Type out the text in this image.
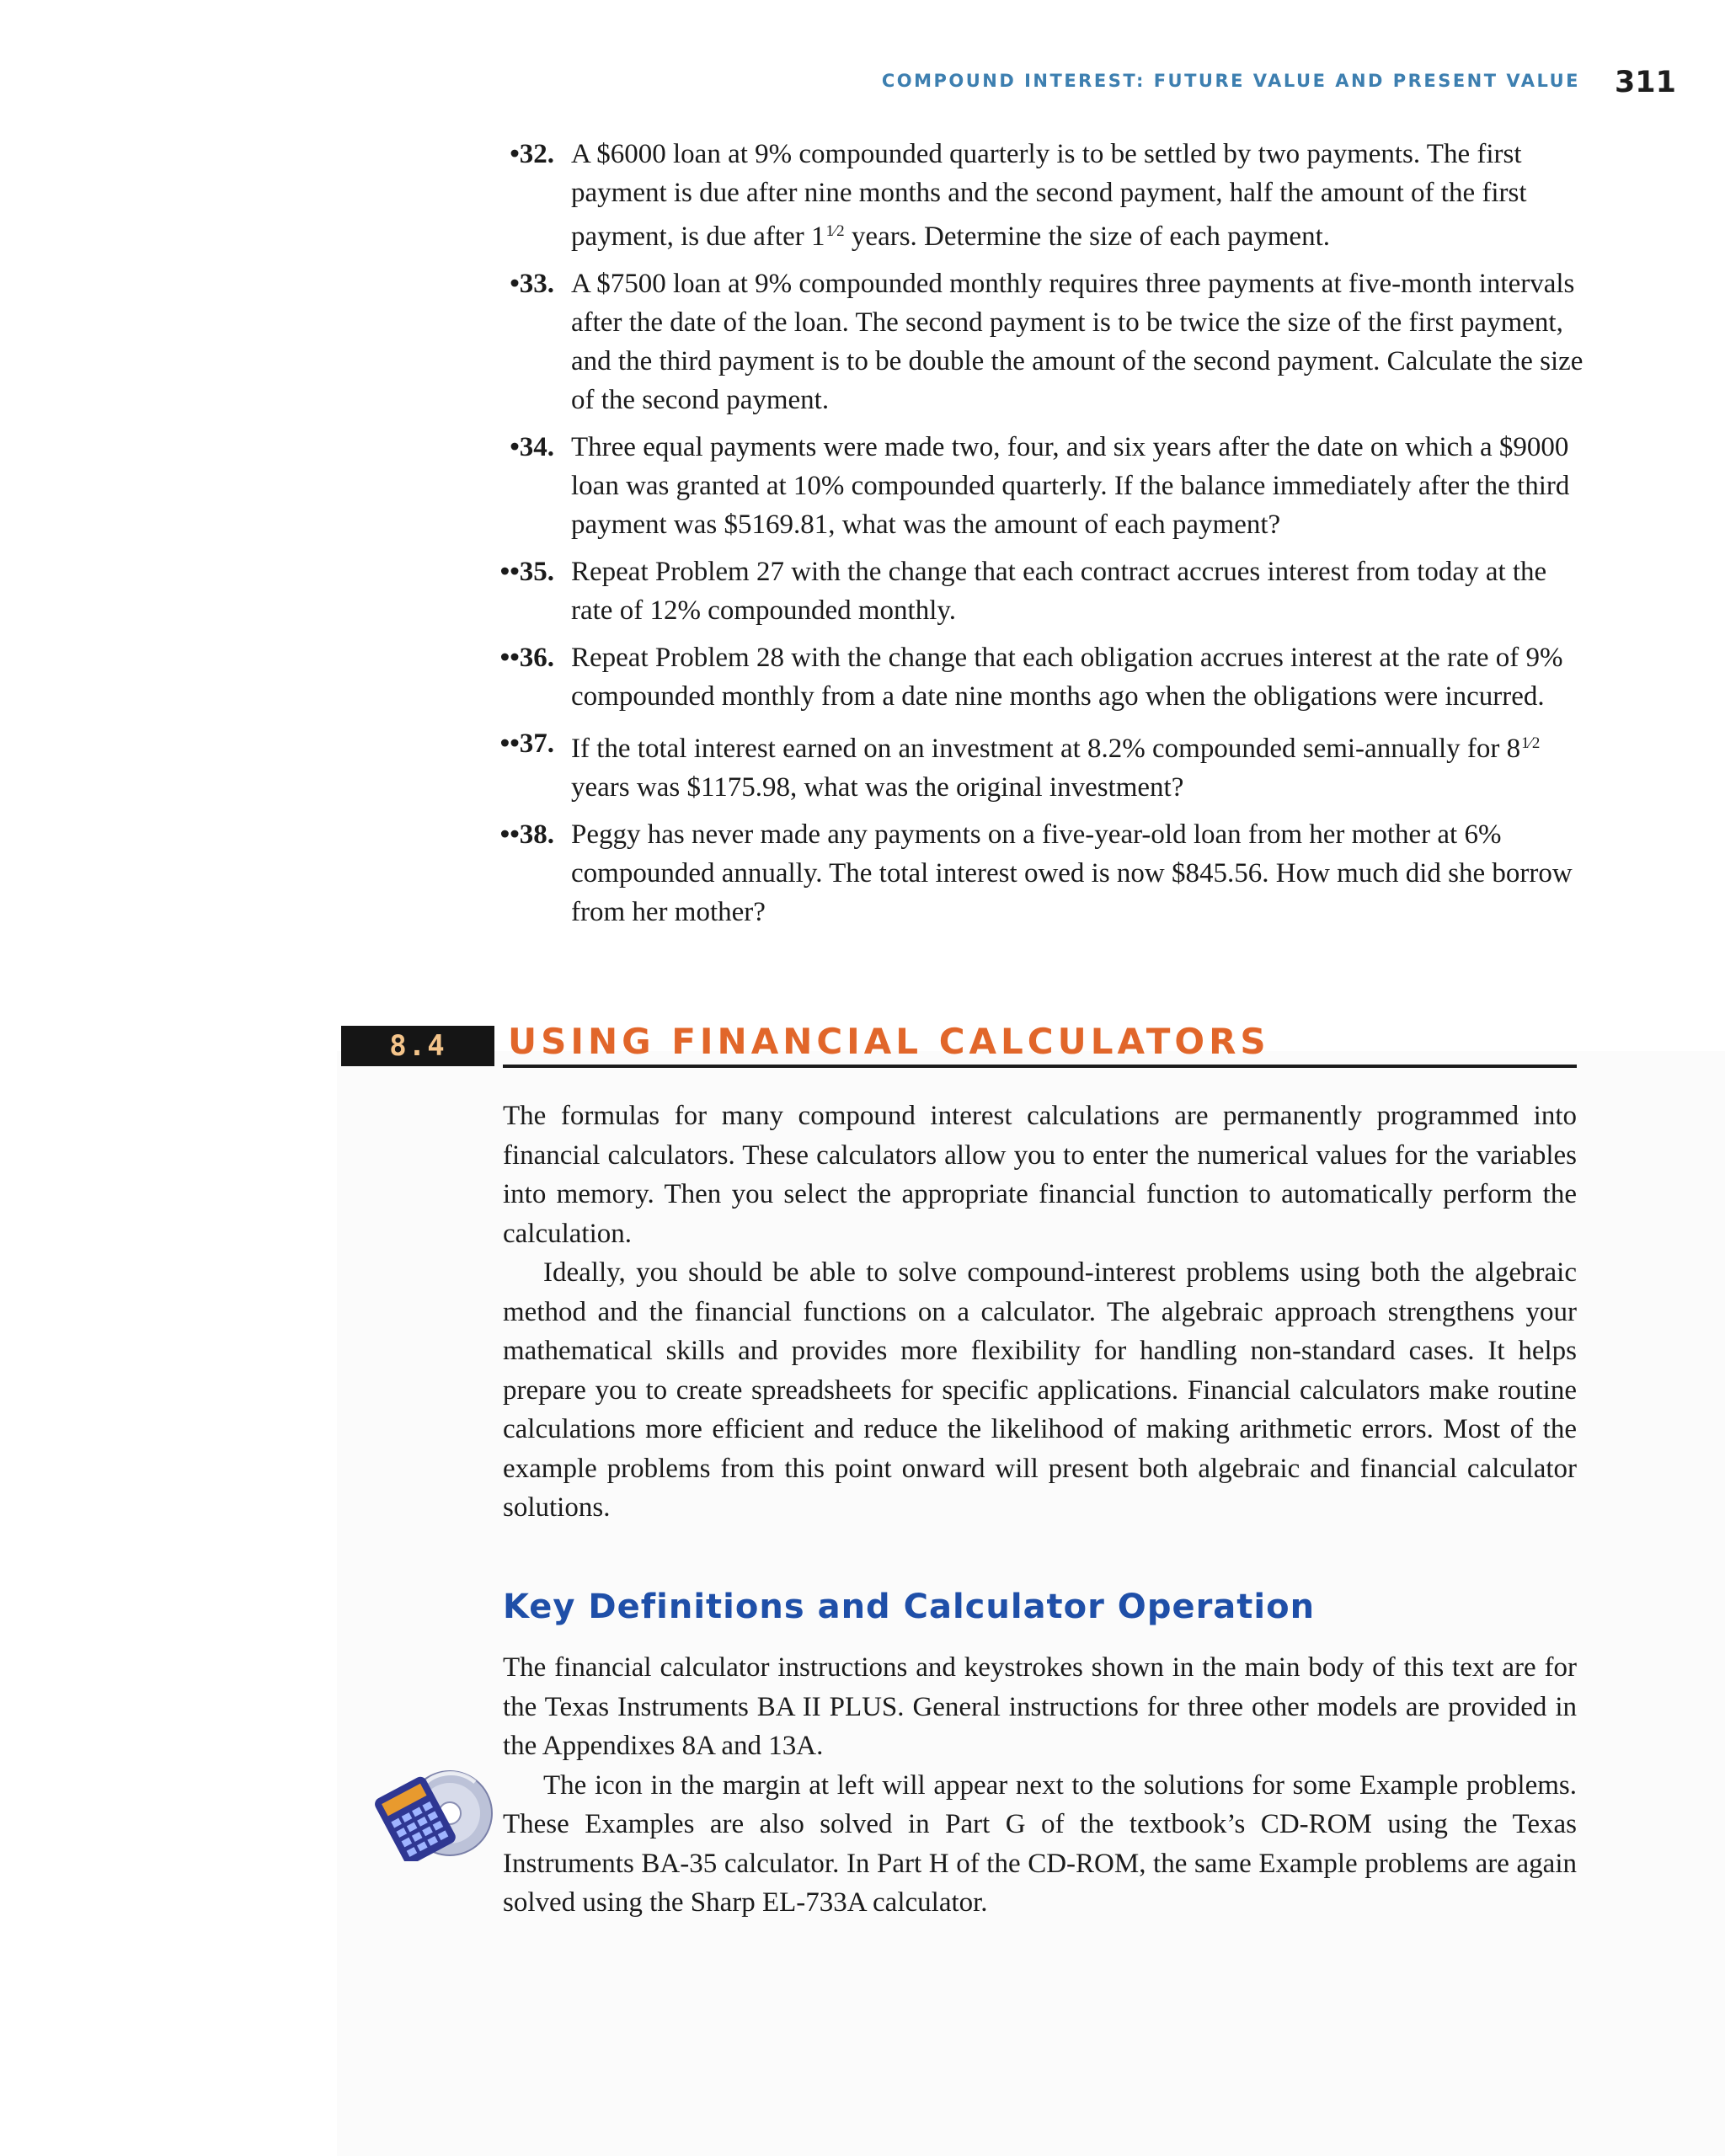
COMPOUND INTEREST: FUTURE VALUE AND PRESENT VALUE 311
•32. A $6000 loan at 9% compounded quarterly is to be settled by two payments. The first payment is due after nine months and the second payment, half the amount of the first payment, is due after 11⁄2 years. Determine the size of each payment.
•33. A $7500 loan at 9% compounded monthly requires three payments at five-month intervals after the date of the loan. The second payment is to be twice the size of the first payment, and the third payment is to be double the amount of the second payment. Calculate the size of the second payment.
•34. Three equal payments were made two, four, and six years after the date on which a $9000 loan was granted at 10% compounded quarterly. If the balance immediately after the third payment was $5169.81, what was the amount of each payment?
••35. Repeat Problem 27 with the change that each contract accrues interest from today at the rate of 12% compounded monthly.
••36. Repeat Problem 28 with the change that each obligation accrues interest at the rate of 9% compounded monthly from a date nine months ago when the obligations were incurred.
••37. If the total interest earned on an investment at 8.2% compounded semi-annually for 81⁄2 years was $1175.98, what was the original investment?
••38. Peggy has never made any payments on a five-year-old loan from her mother at 6% compounded annually. The total interest owed is now $845.56. How much did she borrow from her mother?
8.4	USING FINANCIAL CALCULATORS

The formulas for many compound interest calculations are permanently programmed into financial calculators. These calculators allow you to enter the numerical values for the variables into memory. Then you select the appropriate financial function to automatically perform the calculation.

Ideally, you should be able to solve compound-interest problems using both the algebraic method and the financial functions on a calculator. The algebraic approach strengthens your mathematical skills and provides more flexibility for handling non-standard cases. It helps prepare you to create spreadsheets for specific applications. Financial calculators make routine calculations more efficient and reduce the likelihood of making arithmetic errors. Most of the example problems from this point onward will present both algebraic and financial calculator solutions.

Key Definitions and Calculator Operation

The financial calculator instructions and keystrokes shown in the main body of this text are for the Texas Instruments BA II PLUS. General instructions for three other models are provided in the Appendixes 8A and 13A.

The icon in the margin at left will appear next to the solutions for some Example problems. These Examples are also solved in Part G of the textbook’s CD-ROM using the Texas Instruments BA-35 calculator. In Part H of the CD-ROM, the same Example problems are again solved using the Sharp EL-733A calculator.
